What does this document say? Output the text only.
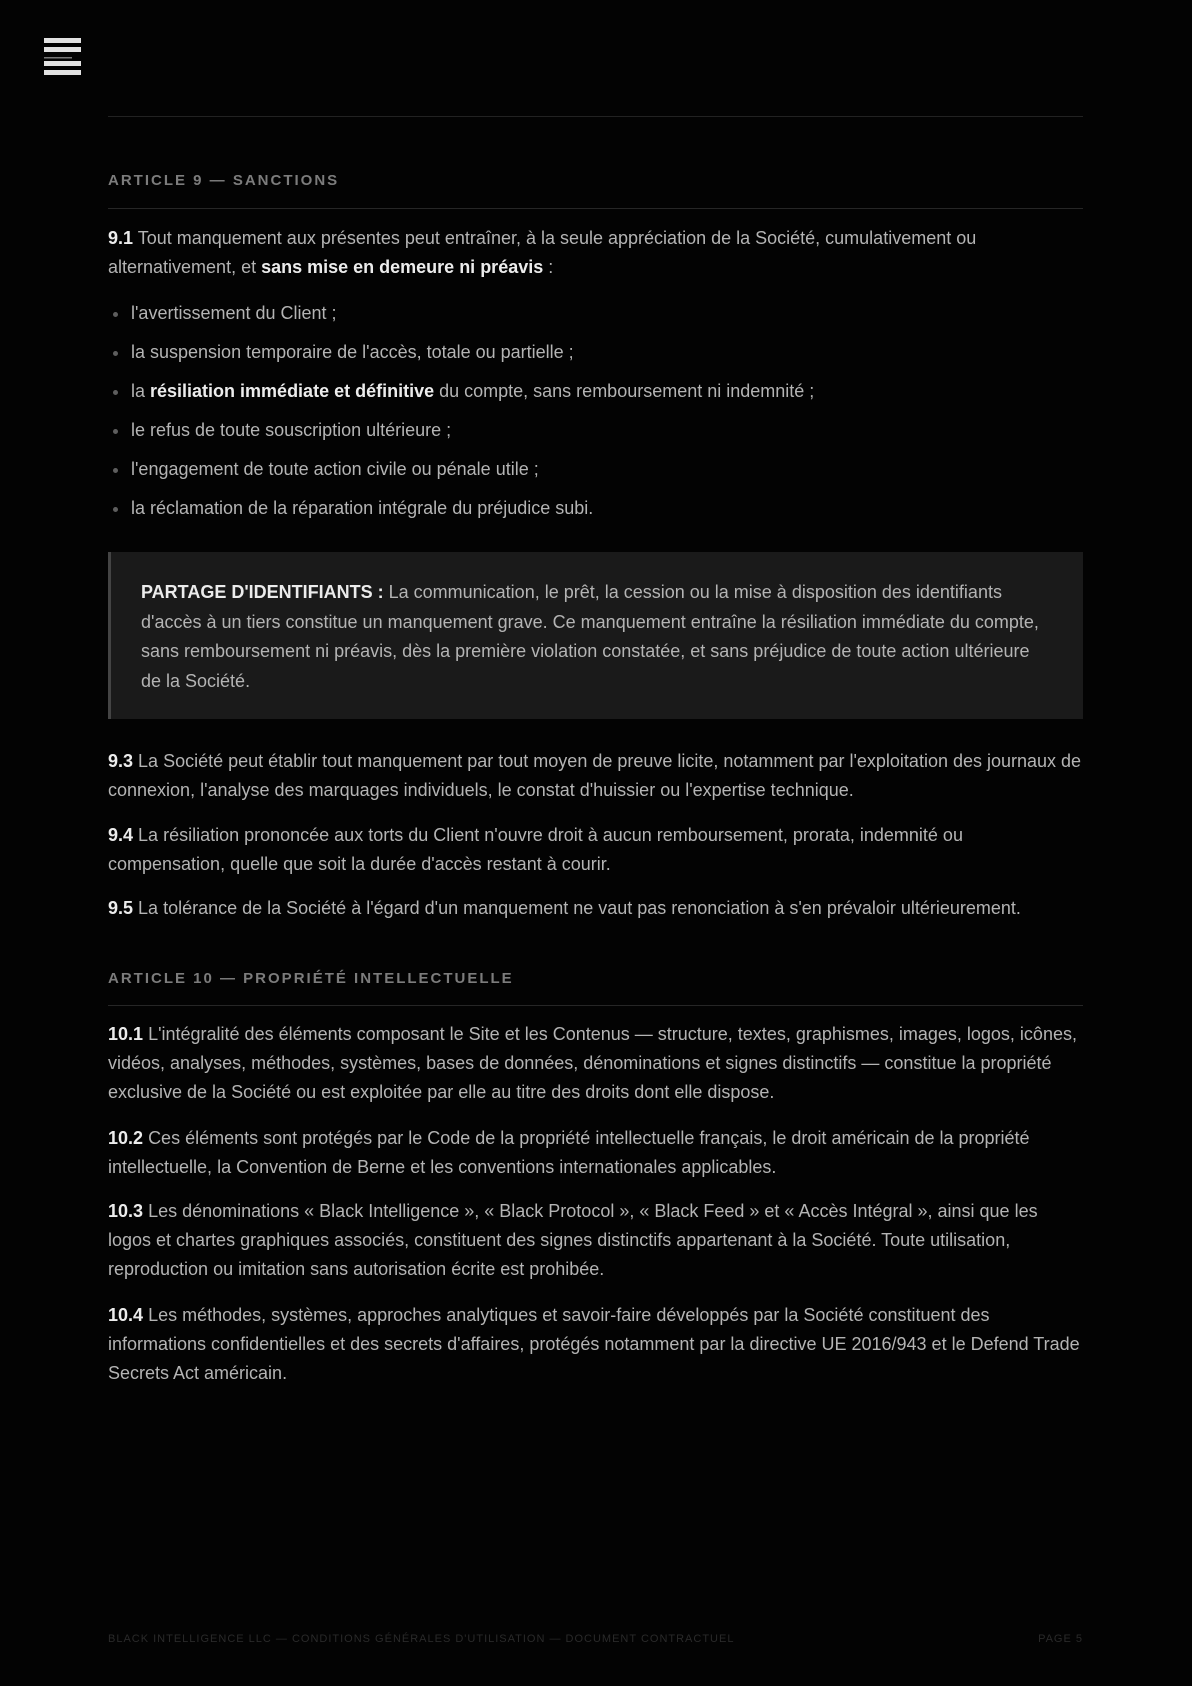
ARTICLE 9 — SANCTIONS

9.1 Tout manquement aux présentes peut entraîner, à la seule appréciation de la Société, cumulativement ou alternativement, et sans mise en demeure ni préavis :

l'avertissement du Client ;
la suspension temporaire de l'accès, totale ou partielle ;
la résiliation immédiate et définitive du compte, sans remboursement ni indemnité ;
le refus de toute souscription ultérieure ;
l'engagement de toute action civile ou pénale utile ;
la réclamation de la réparation intégrale du préjudice subi.

PARTAGE D'IDENTIFIANTS : La communication, le prêt, la cession ou la mise à disposition des identifiants d'accès à un tiers constitue un manquement grave. Ce manquement entraîne la résiliation immédiate du compte, sans remboursement ni préavis, dès la première violation constatée, et sans préjudice de toute action ultérieure de la Société.

9.3 La Société peut établir tout manquement par tout moyen de preuve licite, notamment par l'exploitation des journaux de connexion, l'analyse des marquages individuels, le constat d'huissier ou l'expertise technique.

9.4 La résiliation prononcée aux torts du Client n'ouvre droit à aucun remboursement, prorata, indemnité ou compensation, quelle que soit la durée d'accès restant à courir.

9.5 La tolérance de la Société à l'égard d'un manquement ne vaut pas renonciation à s'en prévaloir ultérieurement.

ARTICLE 10 — PROPRIÉTÉ INTELLECTUELLE

10.1 L'intégralité des éléments composant le Site et les Contenus — structure, textes, graphismes, images, logos, icônes, vidéos, analyses, méthodes, systèmes, bases de données, dénominations et signes distinctifs — constitue la propriété exclusive de la Société ou est exploitée par elle au titre des droits dont elle dispose.

10.2 Ces éléments sont protégés par le Code de la propriété intellectuelle français, le droit américain de la propriété intellectuelle, la Convention de Berne et les conventions internationales applicables.

10.3 Les dénominations « Black Intelligence », « Black Protocol », « Black Feed » et « Accès Intégral », ainsi que les logos et chartes graphiques associés, constituent des signes distinctifs appartenant à la Société. Toute utilisation, reproduction ou imitation sans autorisation écrite est prohibée.

10.4 Les méthodes, systèmes, approches analytiques et savoir-faire développés par la Société constituent des informations confidentielles et des secrets d'affaires, protégés notamment par la directive UE 2016/943 et le Defend Trade Secrets Act américain.

BLACK INTELLIGENCE LLC — CONDITIONS GÉNÉRALES D'UTILISATION — DOCUMENT CONTRACTUEL	PAGE 5
